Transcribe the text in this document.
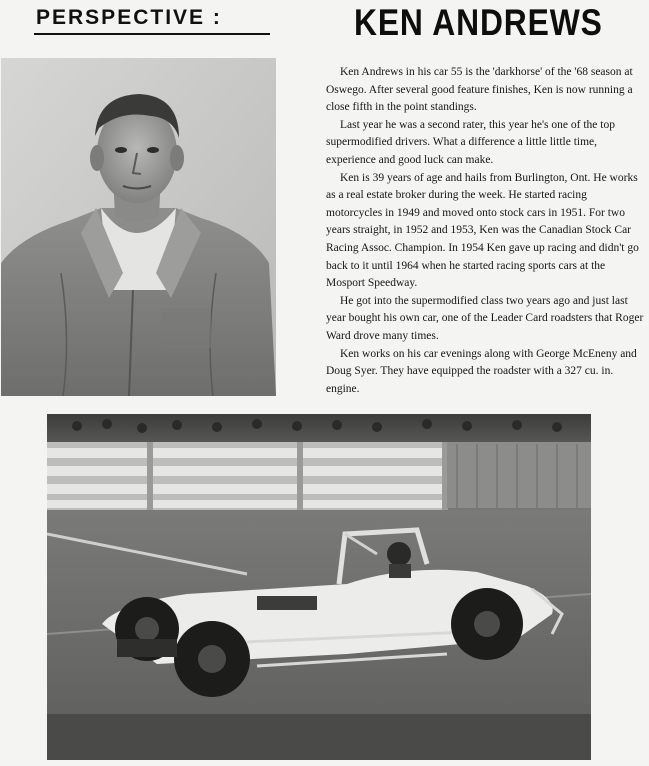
PERSPECTIVE :	KEN ANDREWS

Ken Andrews in his car 55 is the 'darkhorse' of the '68 season at Oswego. After several good feature finishes, Ken is now running a close fifth in the point standings.

Last year he was a second rater, this year he's one of the top supermodified drivers. What a difference a little little time, experience and good luck can make.

Ken is 39 years of age and hails from Burlington, Ont. He works as a real estate broker during the week. He started racing motorcycles in 1949 and moved onto stock cars in 1951. For two years straight, in 1952 and 1953, Ken was the Canadian Stock Car Racing Assoc. Champion. In 1954 Ken gave up racing and didn't go back to it until 1964 when he started racing sports cars at the Mosport Speedway.

He got into the supermodified class two years ago and just last year bought his own car, one of the Leader Card roadsters that Roger Ward drove many times.

Ken works on his car evenings along with George McEneny and Doug Syer. They have equipped the roadster with a 327 cu. in. engine.
